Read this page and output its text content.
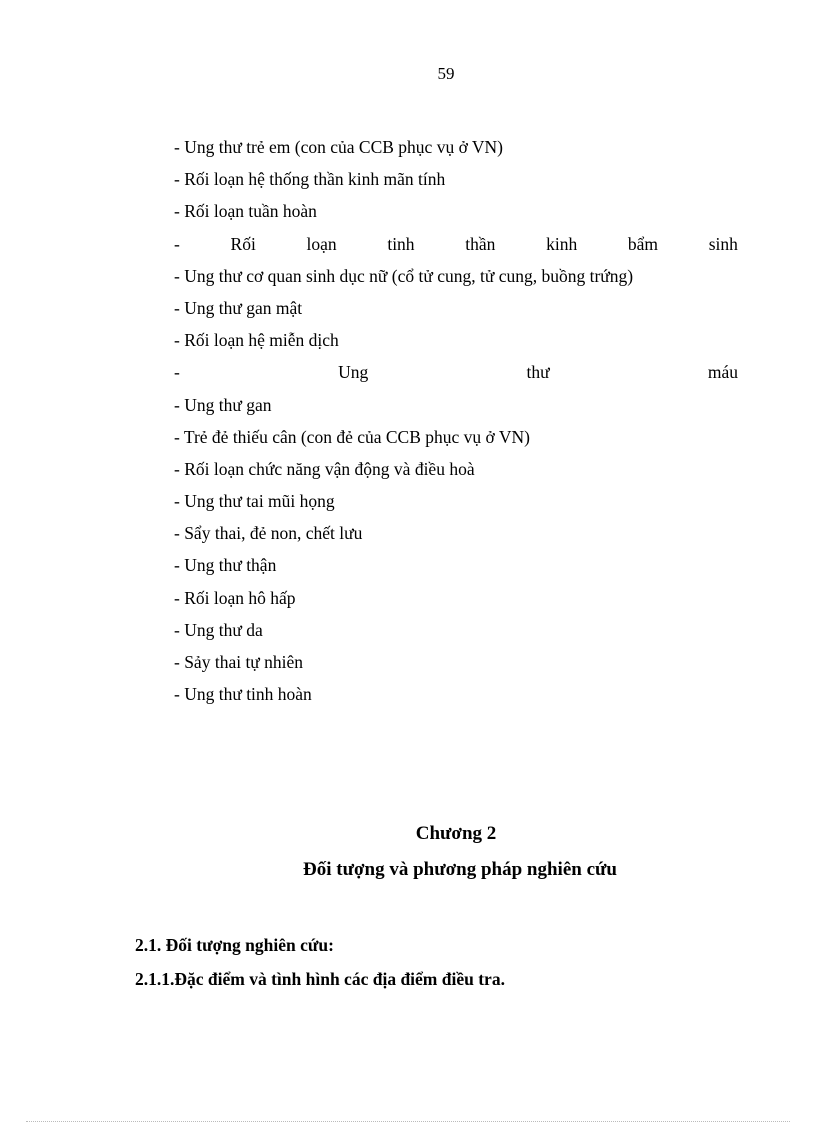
59
- Ung thư trẻ em (con của CCB phục vụ ở VN)
- Rối loạn hệ thống thần kinh mãn tính
- Rối loạn tuần hoàn
-	Rối	loạn	tinh	thần	kinh	bẩm	sinh
- Ung thư cơ quan sinh dục nữ (cổ tử cung, tử cung, buồng trứng)
- Ung thư gan mật
- Rối loạn hệ miễn dịch
-	Ung	thư	máu
- Ung thư gan
- Trẻ đẻ thiếu cân (con đẻ của CCB phục vụ ở VN)
- Rối loạn chức năng vận động và điều hoà
- Ung thư tai mũi họng
- Sẩy thai, đẻ non, chết lưu
- Ung thư thận
- Rối loạn hô hấp
- Ung thư da
- Sảy thai tự nhiên
- Ung thư tinh hoàn
Chương 2
Đối tượng và phương pháp nghiên cứu
2.1. Đối tượng nghiên cứu:
2.1.1.Đặc điểm và tình hình các địa điểm điều tra.
